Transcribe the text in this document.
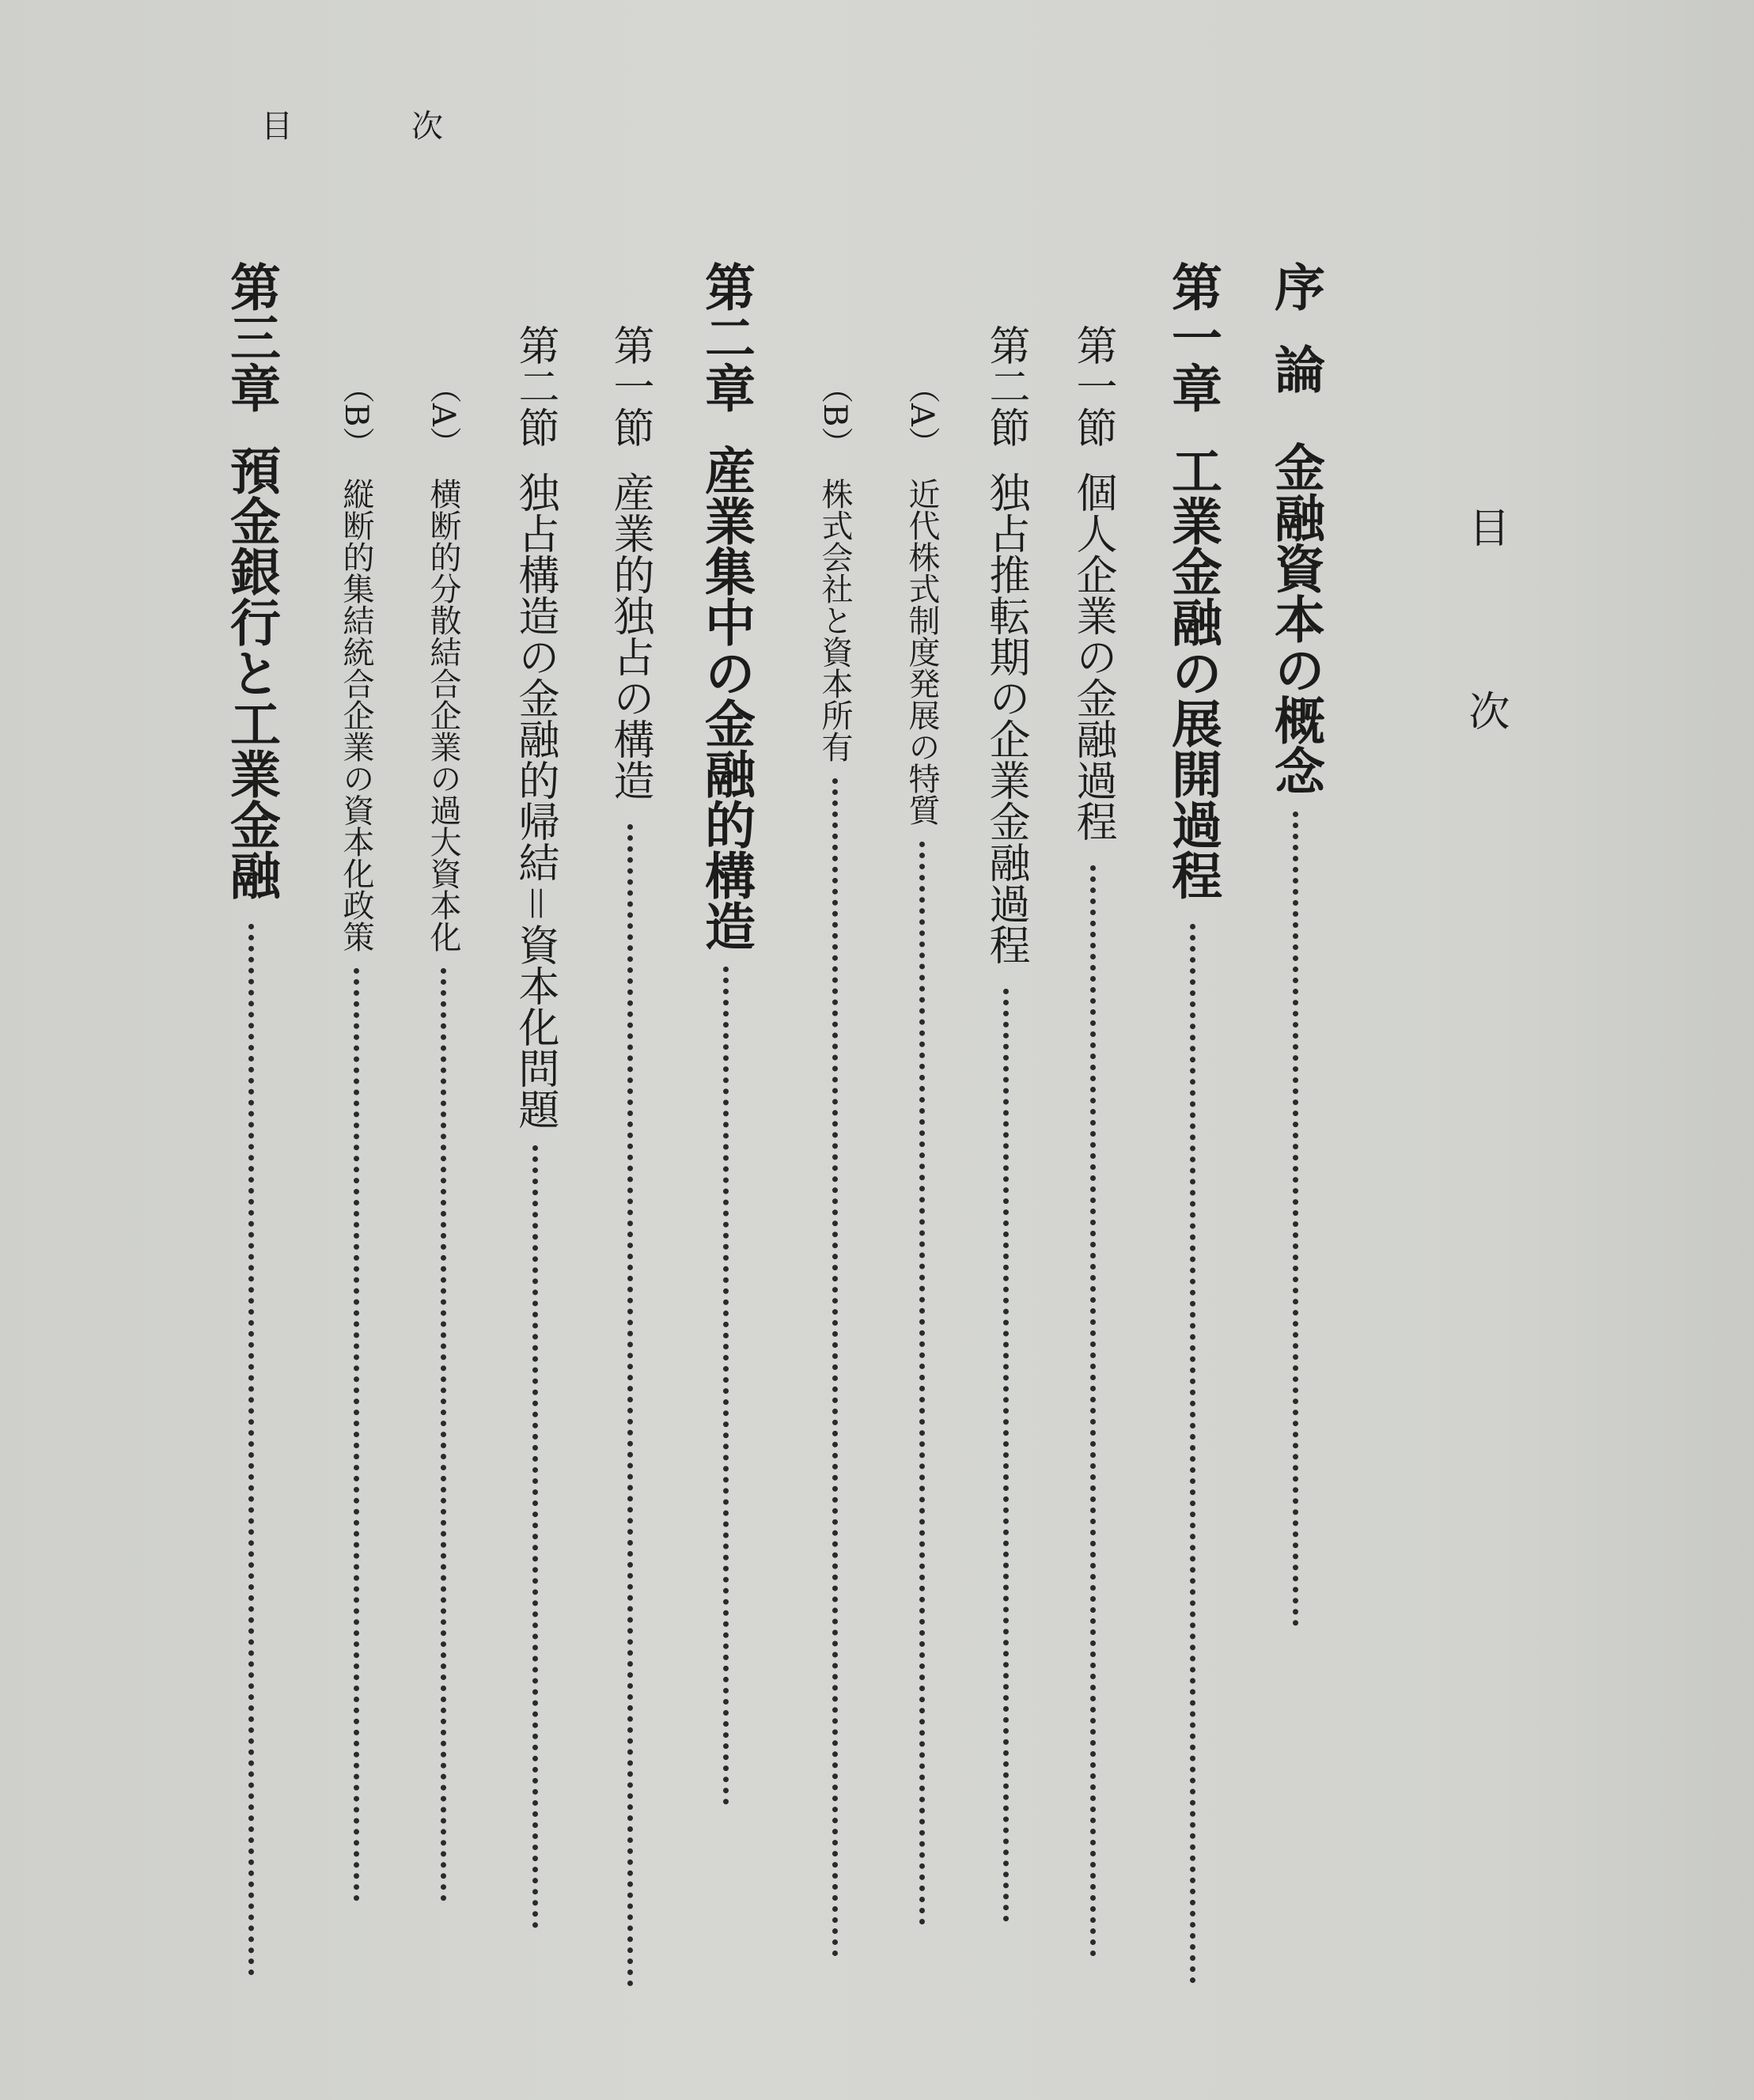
目	次
目次
序論
金融資本の概念
第一章
工業金融の展開過程
第一節
個人企業の金融過程
第二節
独占推転期の企業金融過程
（A）
近代株式制度発展の特質
（B）
株式会社と資本所有
第二章
産業集中の金融的構造
第一節
産業的独占の構造
第二節
独占構造の金融的帰結＝資本化問題
（A）
横断的分散結合企業の過大資本化
（B）
縦断的集結統合企業の資本化政策
第三章
預金銀行と工業金融
